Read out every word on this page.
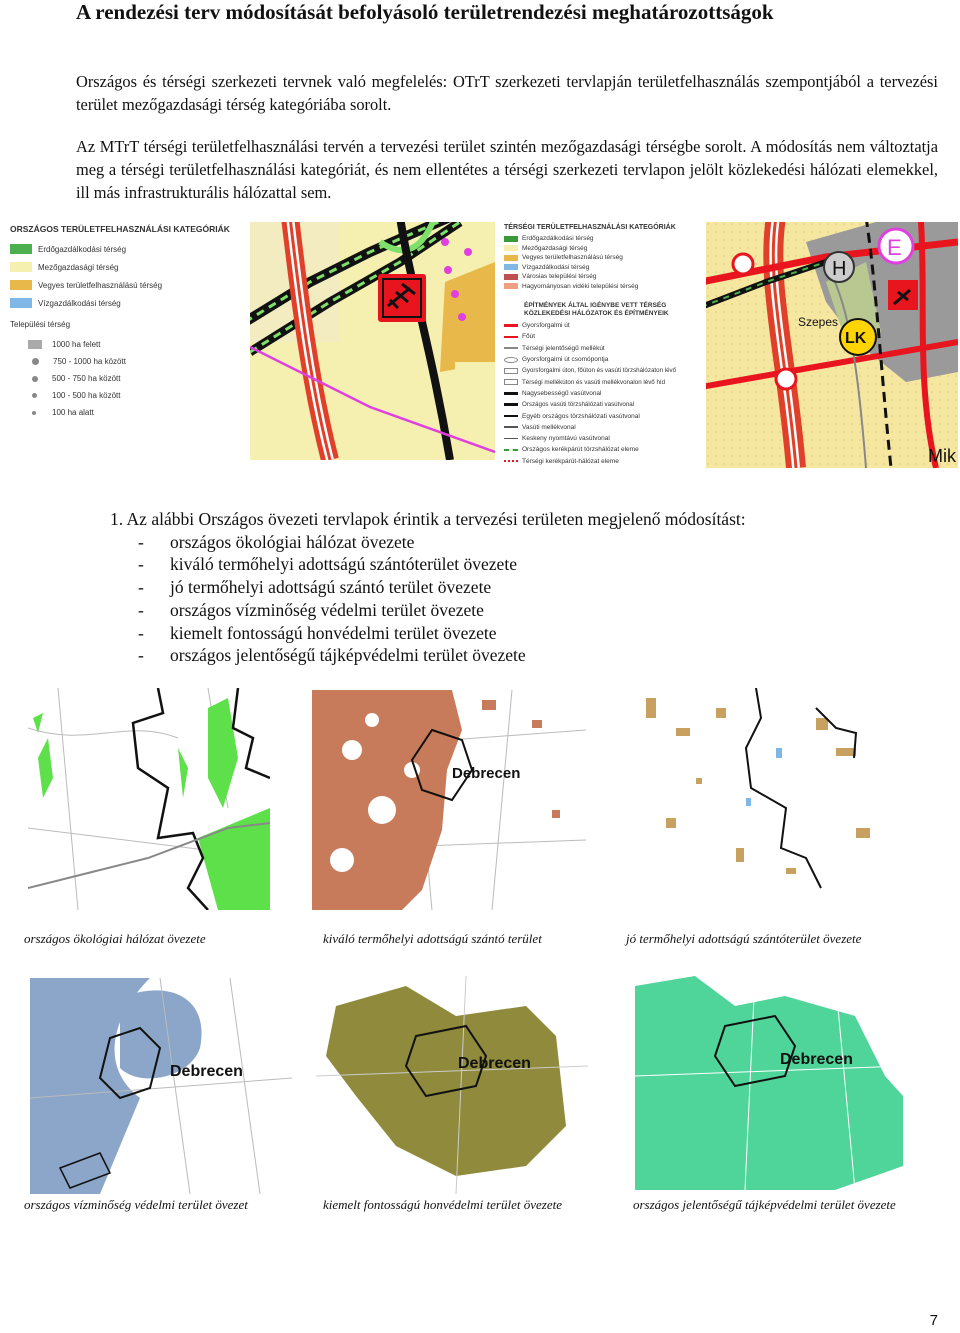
A rendezési terv módosítását befolyásoló területrendezési meghatározottságok

Országos és térségi szerkezeti tervnek való megfelelés: OTrT szerkezeti tervlapján területfelhasználás szempontjából a tervezési terület mezőgazdasági térség kategóriába sorolt.

Az MTrT térségi területfelhasználási tervén a tervezési terület szintén mezőgazdasági térségbe sorolt. A módosítás nem változtatja meg a térségi területfelhasználási kategóriát, és nem ellentétes a térségi szerkezeti tervlapon jelölt közlekedési hálózati elemekkel, ill más infrastrukturális hálózattal sem.

ORSZÁGOS TERÜLETFELHASZNÁLÁSI KATEGÓRIÁK
Erdőgazdálkodási térség
Mezőgazdasági térség
Vegyes területfelhasználású térség
Vízgazdálkodási térség
Települési térség
1000 ha felett
750 - 1000 ha között
500 - 750 ha között
100 - 500 ha között
100 ha alatt
TÉRSÉGI TERÜLETFELHASZNÁLÁSI KATEGÓRIÁK
Erdőgazdálkodási térség
Mezőgazdasági térség
Vegyes területfelhasználású térség
Vízgazdálkodási térség
Városias települési térség
Hagyományosan vidéki települési térség
ÉPÍTMÉNYEK ÁLTAL IGÉNYBE VETT TÉRSÉG KÖZLEKEDÉSI HÁLÓZATOK ÉS ÉPÍTMÉNYEIK
Gyorsforgalmi út
Főút
Térségi jelentőségű mellékút
Gyorsforgalmi út csomópontja
Gyorsforgalmi úton, főúton és vasúti törzshálózaton lévő
Térségi mellékúton és vasúti mellékvonalon lévő híd
Nagysebességű vasútvonal
Országos vasúti törzshálózati vasútvonal
Egyéb országos törzshálózati vasútvonal
Vasúti mellékvonal
Keskeny nyomtávú vasútvonal
Országos kerékpárút törzshálózat eleme
Térségi kerékpárút-hálózat eleme
H
E
LK
Szepes
Mik
1. Az alábbi Országos övezeti tervlapok érintik a tervezési területen megjelenő módosítást:
- országos ökológiai hálózat övezete
- kiváló termőhelyi adottságú szántóterület övezete
- jó termőhelyi adottságú szántó terület övezete
- országos vízminőség védelmi terület övezete
- kiemelt fontosságú honvédelmi terület övezete
- országos jelentőségű tájképvédelmi terület övezete
Debrecen
országos ökológiai hálózat övezete	kiváló termőhelyi adottságú szántó terület	jó termőhelyi adottságú szántóterület övezete
Debrecen	Debrecen	Debrecen
országos vízminőség védelmi terület övezet	kiemelt fontosságú honvédelmi terület övezete	országos jelentőségű tájképvédelmi terület övezete
7
